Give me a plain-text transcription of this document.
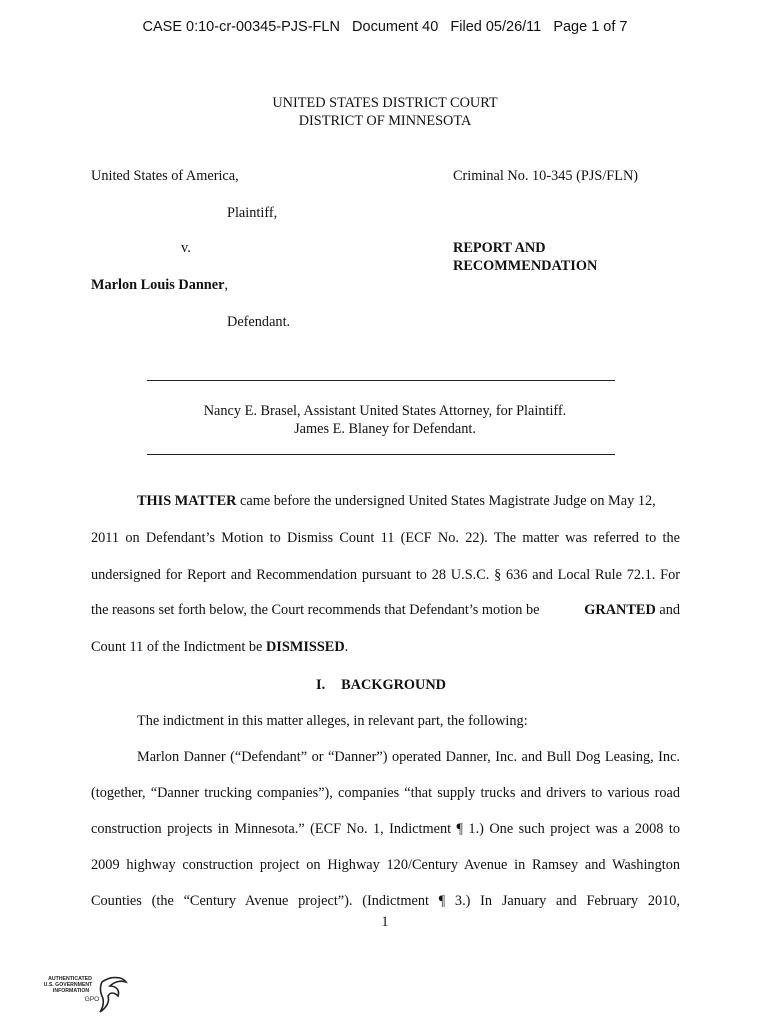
CASE 0:10-cr-00345-PJS-FLN Document 40 Filed 05/26/11 Page 1 of 7
UNITED STATES DISTRICT COURT
DISTRICT OF MINNESOTA
United States of America,
Plaintiff,
v.
Marlon Louis Danner,
Defendant.
Criminal No. 10-345 (PJS/FLN)
REPORT AND
RECOMMENDATION
Nancy E. Brasel, Assistant United States Attorney, for Plaintiff.
James E. Blaney for Defendant.
THIS MATTER came before the undersigned United States Magistrate Judge on May 12,
2011 on Defendant’s Motion to Dismiss Count 11 (ECF No. 22). The matter was referred to the
undersigned for Report and Recommendation pursuant to 28 U.S.C. § 636 and Local Rule 72.1. For
the reasons set forth below, the Court recommends that Defendant’s motion be	GRANTED and
Count 11 of the Indictment be DISMISSED.
I. BACKGROUND
The indictment in this matter alleges, in relevant part, the following:
Marlon Danner (“Defendant” or “Danner”) operated Danner, Inc. and Bull Dog Leasing, Inc.
(together, “Danner trucking companies”), companies “that supply trucks and drivers to various road
construction projects in Minnesota.” (ECF No. 1, Indictment ¶ 1.) One such project was a 2008 to
2009 highway construction project on Highway 120/Century Avenue in Ramsey and Washington
Counties (the “Century Avenue project”). (Indictment ¶ 3.) In January and February 2010,
1
AUTHENTICATED
U.S. GOVERNMENT
INFORMATION
GPO
